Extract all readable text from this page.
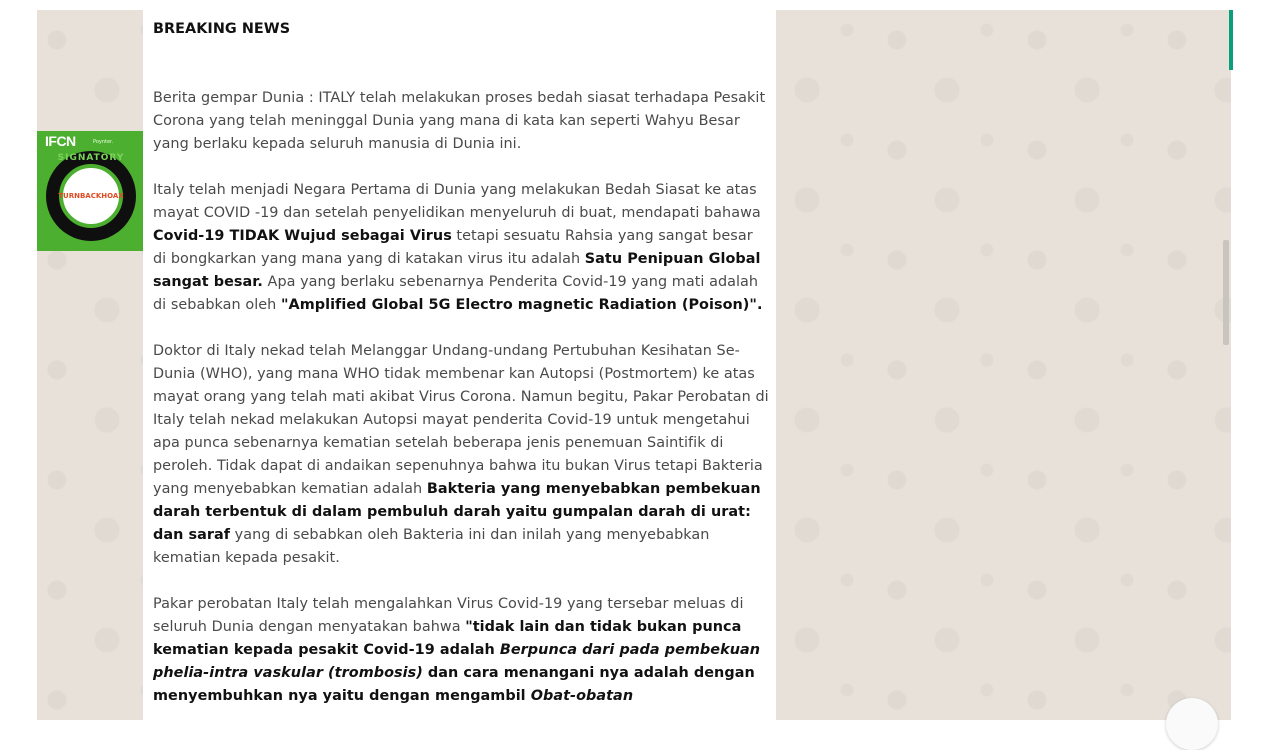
IFCN	Poynter.
SIGNATORY
TURNBACKHOAX
BREAKING NEWS
Berita gempar Dunia : ITALY telah melakukan proses bedah siasat terhadapa Pesakit Corona yang telah meninggal Dunia yang mana di kata kan seperti Wahyu Besar yang berlaku kepada seluruh manusia di Dunia ini.
Italy telah menjadi Negara Pertama di Dunia yang melakukan Bedah Siasat ke atas mayat COVID -19 dan setelah penyelidikan menyeluruh di buat, mendapati bahawa Covid-19 TIDAK Wujud sebagai Virus tetapi sesuatu Rahsia yang sangat besar di bongkarkan yang mana yang di katakan virus itu adalah Satu Penipuan Global sangat besar. Apa yang berlaku sebenarnya Penderita Covid-19 yang mati adalah di sebabkan oleh "Amplified Global 5G Electro magnetic Radiation (Poison)".
Doktor di Italy nekad telah Melanggar Undang-undang Pertubuhan Kesihatan Se-Dunia (WHO), yang mana WHO tidak membenar kan Autopsi (Postmortem) ke atas mayat orang yang telah mati akibat Virus Corona. Namun begitu, Pakar Perobatan di Italy telah nekad melakukan Autopsi mayat penderita Covid-19 untuk mengetahui apa punca sebenarnya kematian setelah beberapa jenis penemuan Saintifik di peroleh. Tidak dapat di andaikan sepenuhnya bahwa itu bukan Virus tetapi Bakteria yang menyebabkan kematian adalah Bakteria yang menyebabkan pembekuan darah terbentuk di dalam pembuluh darah yaitu gumpalan darah di urat: dan saraf yang di sebabkan oleh Bakteria ini dan inilah yang menyebabkan kematian kepada pesakit.
Pakar perobatan Italy telah mengalahkan Virus Covid-19 yang tersebar meluas di seluruh Dunia dengan menyatakan bahwa "tidak lain dan tidak bukan punca kematian kepada pesakit Covid-19 adalah Berpunca dari pada pembekuan phelia-intra vaskular (trombosis) dan cara menangani nya adalah dengan menyembuhkan nya yaitu dengan mengambil Obat-obatan
